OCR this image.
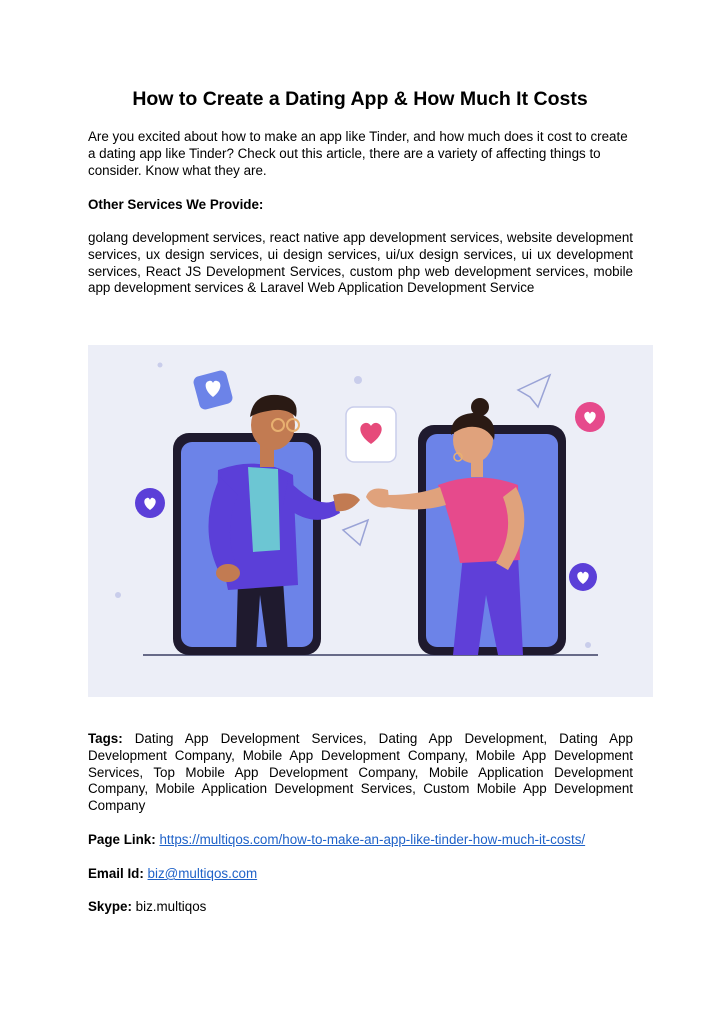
How to Create a Dating App & How Much It Costs

Are you excited about how to make an app like Tinder, and how much does it cost to create a dating app like Tinder? Check out this article, there are a variety of affecting things to consider. Know what they are.

Other Services We Provide:

golang development services, react native app development services, website development services, ux design services, ui design services, ui/ux design services, ui ux development services, React JS Development Services, custom php web development services, mobile app development services & Laravel Web Application Development Service

Tags: Dating App Development Services, Dating App Development, Dating App Development Company, Mobile App Development Company, Mobile App Development Services, Top Mobile App Development Company, Mobile Application Development Company, Mobile Application Development Services, Custom Mobile App Development Company

Page Link: https://multiqos.com/how-to-make-an-app-like-tinder-how-much-it-costs/

Email Id: biz@multiqos.com

Skype: biz.multiqos
